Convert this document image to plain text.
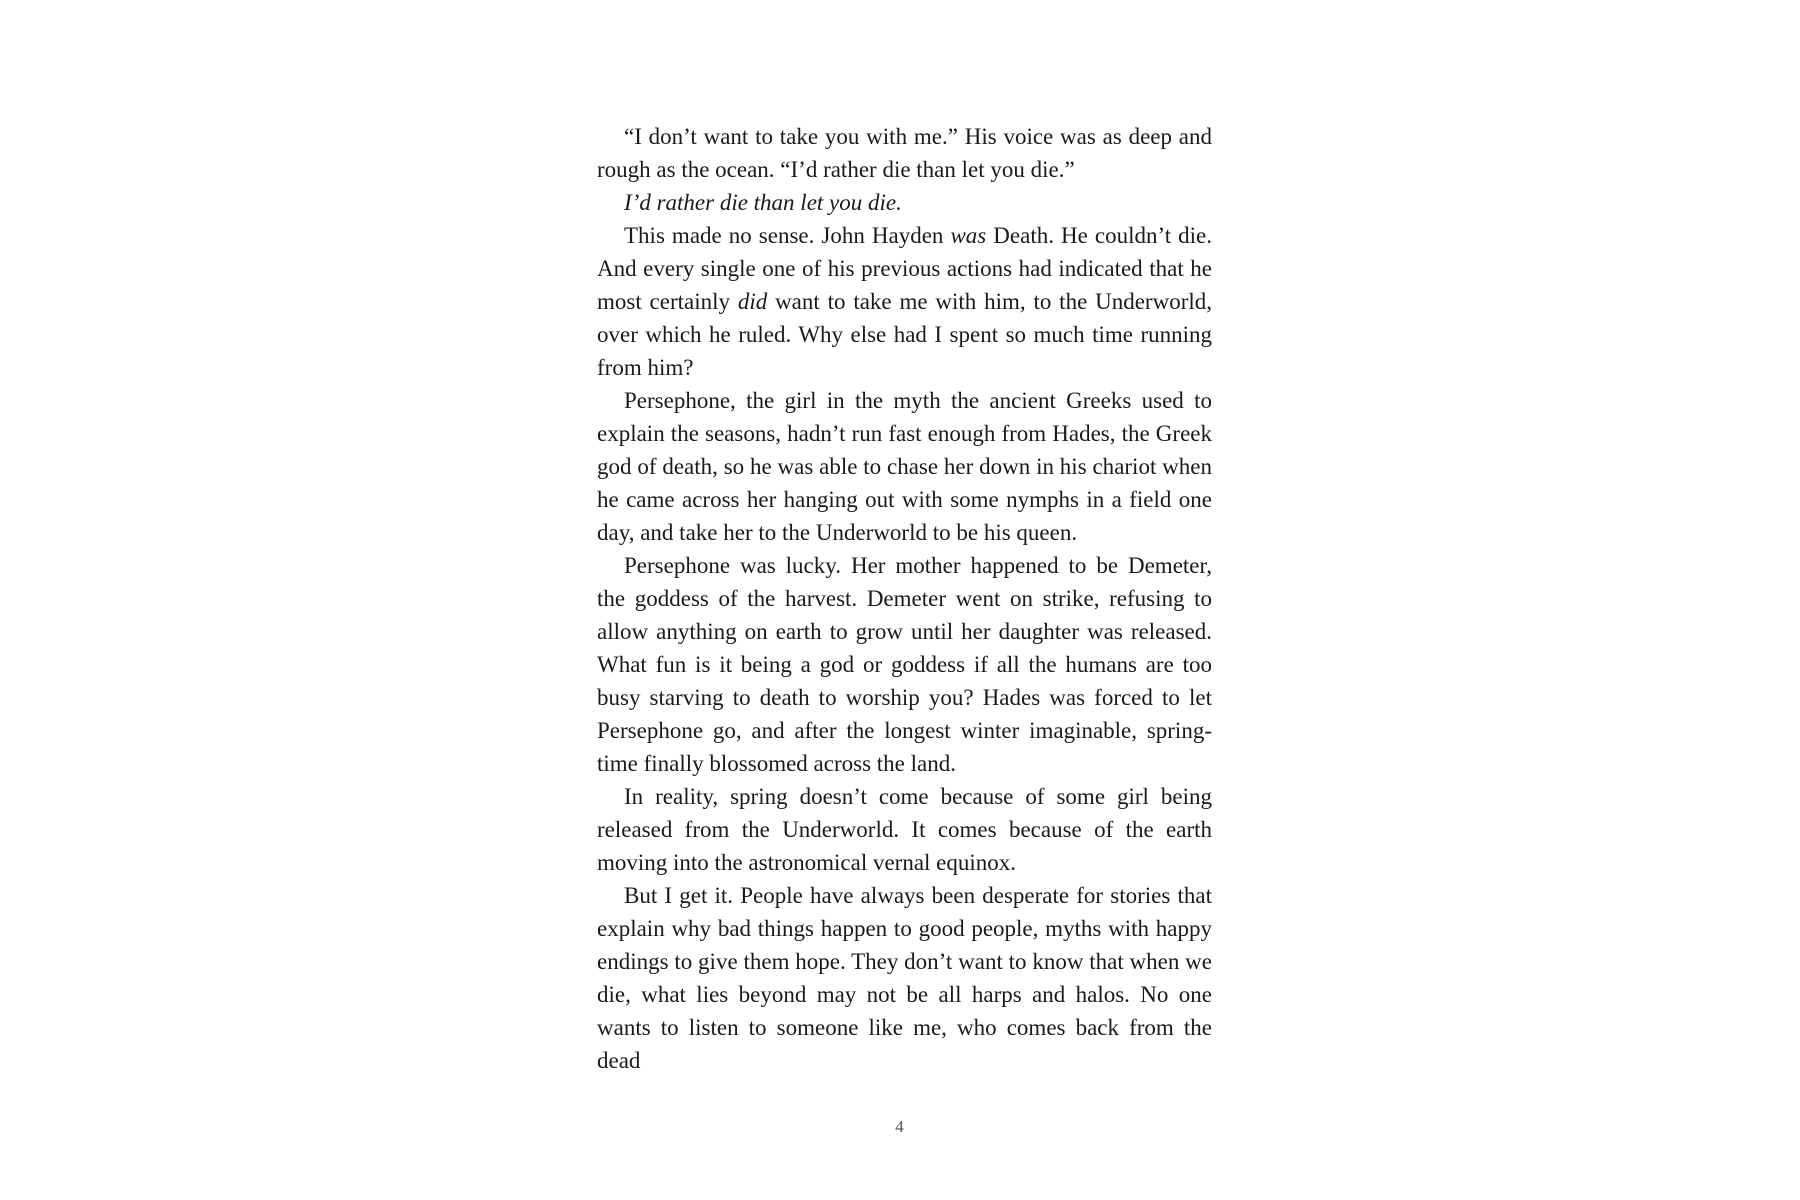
“I don’t want to take you with me.” His voice was as deep and rough as the ocean. “I’d rather die than let you die.”

I’d rather die than let you die.

This made no sense. John Hayden was Death. He couldn’t die. And every single one of his previous actions had indicated that he most certainly did want to take me with him, to the Underworld, over which he ruled. Why else had I spent so much time running from him?

Persephone, the girl in the myth the ancient Greeks used to explain the seasons, hadn’t run fast enough from Hades, the Greek god of death, so he was able to chase her down in his chariot when he came across her hanging out with some nymphs in a field one day, and take her to the Underworld to be his queen.

Persephone was lucky. Her mother happened to be Demeter, the goddess of the harvest. Demeter went on strike, refusing to allow anything on earth to grow until her daughter was released. What fun is it being a god or goddess if all the humans are too busy starving to death to worship you? Hades was forced to let Persephone go, and after the longest winter imaginable, springtime finally blossomed across the land.

In reality, spring doesn’t come because of some girl being released from the Underworld. It comes because of the earth moving into the astronomical vernal equinox.

But I get it. People have always been desperate for stories that explain why bad things happen to good people, myths with happy endings to give them hope. They don’t want to know that when we die, what lies beyond may not be all harps and halos. No one wants to listen to someone like me, who comes back from the dead

4
